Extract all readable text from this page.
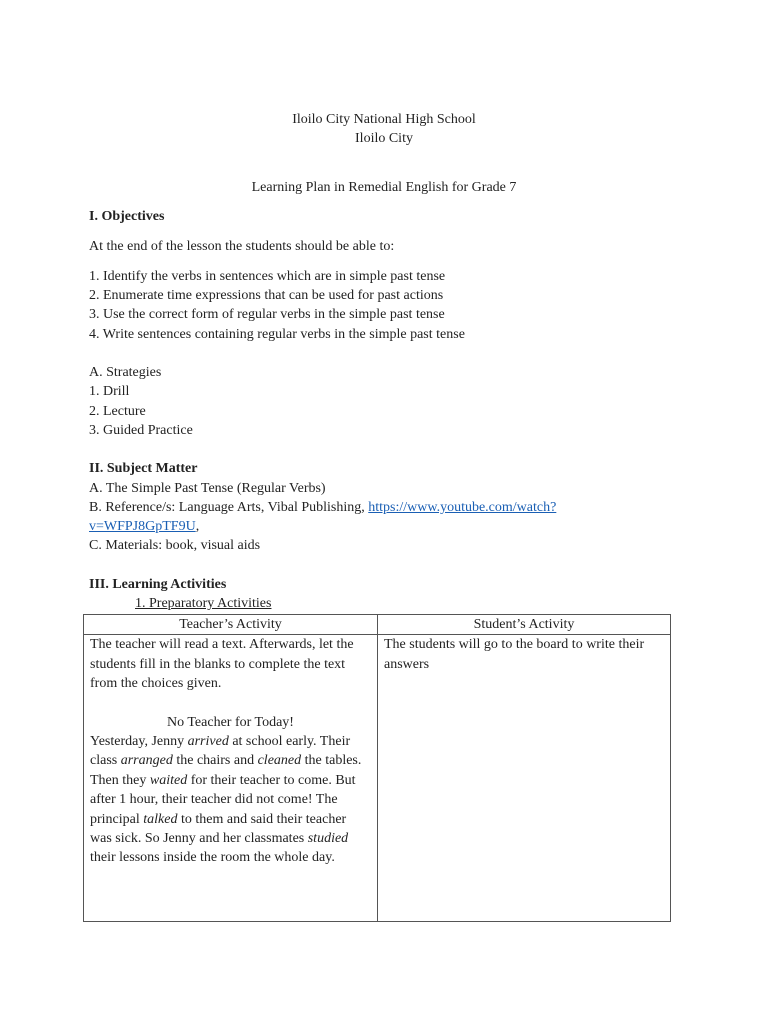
Iloilo City National High School
Iloilo City
Learning Plan in Remedial English for Grade 7
I. Objectives
At the end of the lesson the students should be able to:
1. Identify the verbs in sentences which are in simple past tense
2. Enumerate time expressions that can be used for past actions
3. Use the correct form of regular verbs in the simple past tense
4. Write sentences containing regular verbs in the simple past tense
A. Strategies
1. Drill
2. Lecture
3. Guided Practice
II. Subject Matter
A. The Simple Past Tense (Regular Verbs)
B. Reference/s: Language Arts, Vibal Publishing, https://www.youtube.com/watch?
v=WFPJ8GpTF9U,
C. Materials: book, visual aids
III. Learning Activities
1. Preparatory Activities
Teacher’s Activity	Student’s Activity

The teacher will read a text. Afterwards, let the students fill in the blanks to complete the text from the choices given.
No Teacher for Today!
Yesterday, Jenny arrived at school early. Their class arranged the chairs and cleaned the tables. Then they waited for their teacher to come. But after 1 hour, their teacher did not come! The principal talked to them and said their teacher was sick. So Jenny and her classmates studied their lessons inside the room the whole day.	The students will go to the board to write their answers
